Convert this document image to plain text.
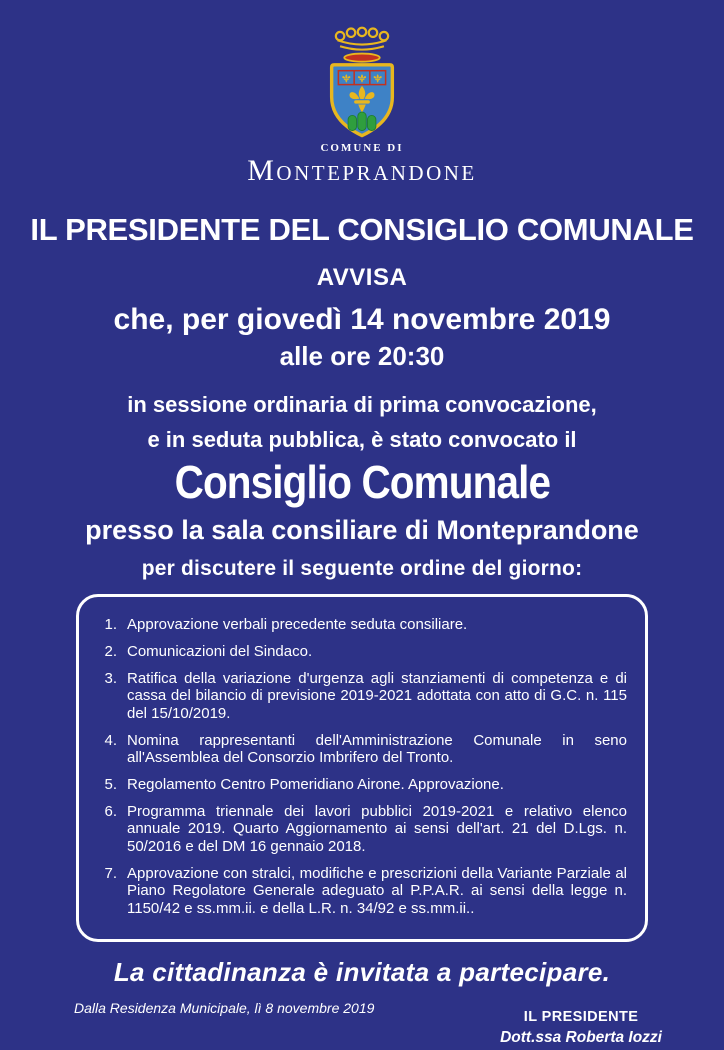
COMUNE DI
MONTEPRANDONE
IL PRESIDENTE DEL CONSIGLIO COMUNALE
AVVISA
che, per giovedì 14 novembre 2019
alle ore 20:30
in sessione ordinaria di prima convocazione,
e in seduta pubblica, è stato convocato il
Consiglio Comunale
presso la sala consiliare di Monteprandone
per discutere il seguente ordine del giorno:
1. Approvazione verbali precedente seduta consiliare.
2. Comunicazioni del Sindaco.
3. Ratifica della variazione d'urgenza agli stanziamenti di competenza e di cassa del bilancio di previsione 2019-2021 adottata con atto di G.C. n. 115 del 15/10/2019.
4. Nomina rappresentanti dell'Amministrazione Comunale in seno all'Assemblea del Consorzio Imbrifero del Tronto.
5. Regolamento Centro Pomeridiano Airone. Approvazione.
6. Programma triennale dei lavori pubblici 2019-2021 e relativo elenco annuale 2019. Quarto Aggiornamento ai sensi dell'art. 21 del D.Lgs. n. 50/2016 e del DM 16 gennaio 2018.
7. Approvazione con stralci, modifiche e prescrizioni della Variante Parziale al Piano Regolatore Generale adeguato al P.P.A.R. ai sensi della legge n. 1150/42 e ss.mm.ii. e della L.R. n. 34/92 e ss.mm.ii..
La cittadinanza è invitata a partecipare.
Dalla Residenza Municipale, lì 8 novembre 2019
IL PRESIDENTE
Dott.ssa Roberta Iozzi
